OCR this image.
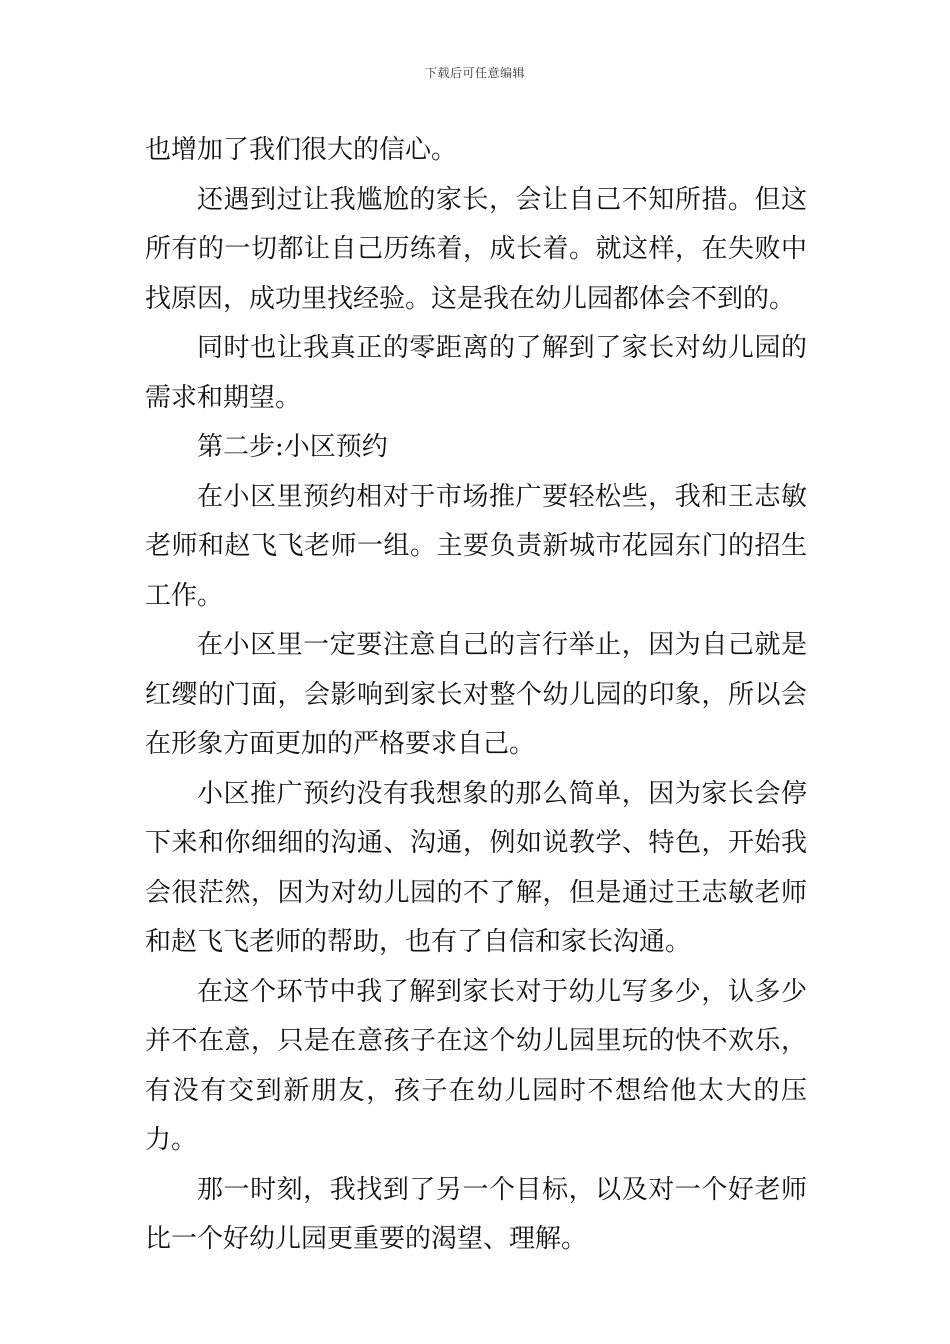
下载后可任意编辑

也增加了我们很大的信心。

还遇到过让我尴尬的家长，会让自己不知所措。但这所有的一切都让自己历练着，成长着。就这样，在失败中找原因，成功里找经验。这是我在幼儿园都体会不到的。

同时也让我真正的零距离的了解到了家长对幼儿园的需求和期望。

第二步:小区预约

在小区里预约相对于市场推广要轻松些，我和王志敏老师和赵飞飞老师一组。主要负责新城市花园东门的招生工作。

在小区里一定要注意自己的言行举止，因为自己就是红缨的门面，会影响到家长对整个幼儿园的印象，所以会在形象方面更加的严格要求自己。

小区推广预约没有我想象的那么简单，因为家长会停下来和你细细的沟通、沟通，例如说教学、特色，开始我会很茫然，因为对幼儿园的不了解，但是通过王志敏老师和赵飞飞老师的帮助，也有了自信和家长沟通。

在这个环节中我了解到家长对于幼儿写多少，认多少并不在意，只是在意孩子在这个幼儿园里玩的快不欢乐，有没有交到新朋友，孩子在幼儿园时不想给他太大的压力。

那一时刻，我找到了另一个目标，以及对一个好老师比一个好幼儿园更重要的渴望、理解。
